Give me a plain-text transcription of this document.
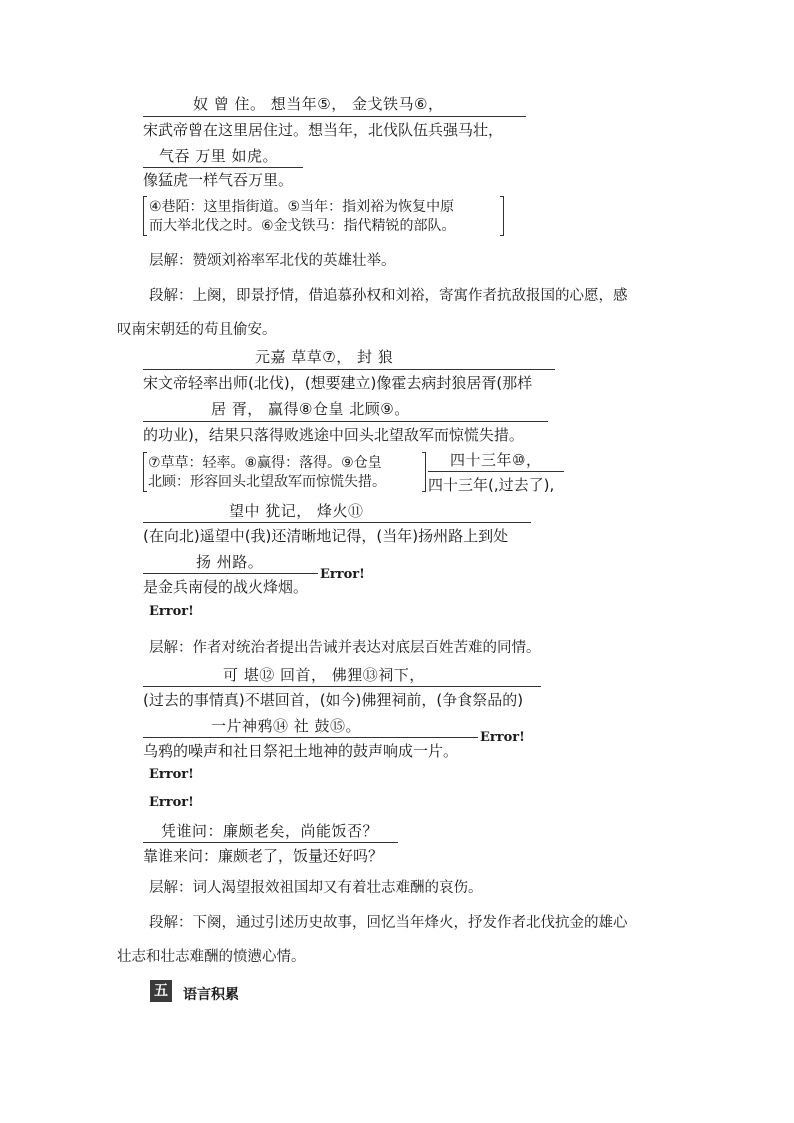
奴 曾 住。 想当年⑤， 金戈铁马⑥，
宋武帝曾在这里居住过。想当年，北伐队伍兵强马壮，
气吞 万里 如虎。
像猛虎一样气吞万里。
④巷陌：这里指街道。⑤当年：指刘裕为恢复中原
而大举北伐之时。⑥金戈铁马：指代精锐的部队。
层解：赞颂刘裕率军北伐的英雄壮举。
段解：上阕，即景抒情，借追慕孙权和刘裕，寄寓作者抗敌报国的心愿，感
叹南宋朝廷的苟且偷安。
元嘉 草草⑦， 封 狼
宋文帝轻率出师(北伐)，(想要建立)像霍去病封狼居胥(那样
居 胥， 赢得⑧仓皇 北顾⑨。
的功业)，结果只落得败逃途中回头北望敌军而惊慌失措。
⑦草草：轻率。⑧赢得：落得。⑨仓皇
北顾：形容回头北望敌军而惊慌失措。
四十三年⑩，
四十三年(,过去了),
望中 犹记， 烽火⑪
(在向北)遥望中(我)还清晰地记得，(当年)扬州路上到处
扬 州路。
是金兵南侵的战火烽烟。
Error!
Error!
层解：作者对统治者提出告诫并表达对底层百姓苦难的同情。
可 堪⑫ 回首， 佛狸⑬祠下，
(过去的事情真)不堪回首，(如今)佛狸祠前，(争食祭品的)
一片神鸦⑭ 社 鼓⑮。
乌鸦的噪声和社日祭祀土地神的鼓声响成一片。
Error!
Error!
Error!
凭谁问：廉颇老矣，尚能饭否？
靠谁来问：廉颇老了，饭量还好吗？
层解：词人渴望报效祖国却又有着壮志难酬的哀伤。
段解：下阕，通过引述历史故事，回忆当年烽火，抒发作者北伐抗金的雄心
壮志和壮志难酬的愤懑心情。
五 语言积累
